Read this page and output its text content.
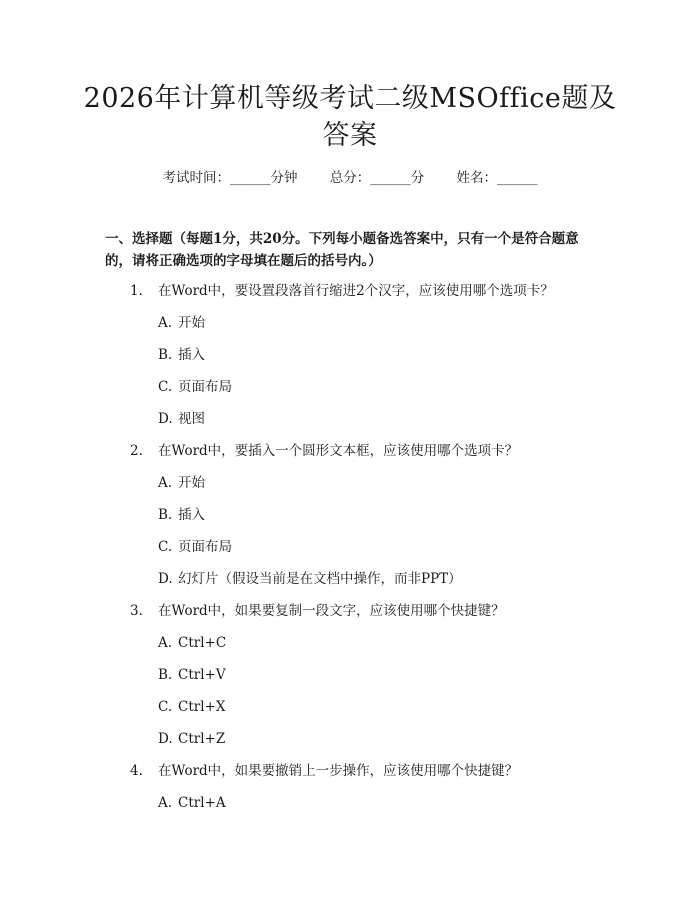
2026年计算机等级考试二级MSOffice题及答案
考试时间：______分钟 总分：______分 姓名：______
一、选择题（每题1分，共20分。下列每小题备选答案中，只有一个是符合题意的，请将正确选项的字母填在题后的括号内。）
1. 在Word中，要设置段落首行缩进2个汉字，应该使用哪个选项卡？
A. 开始
B. 插入
C. 页面布局
D. 视图
2. 在Word中，要插入一个圆形文本框，应该使用哪个选项卡？
A. 开始
B. 插入
C. 页面布局
D. 幻灯片（假设当前是在文档中操作，而非PPT）
3. 在Word中，如果要复制一段文字，应该使用哪个快捷键？
A. Ctrl+C
B. Ctrl+V
C. Ctrl+X
D. Ctrl+Z
4. 在Word中，如果要撤销上一步操作，应该使用哪个快捷键？
A. Ctrl+A
